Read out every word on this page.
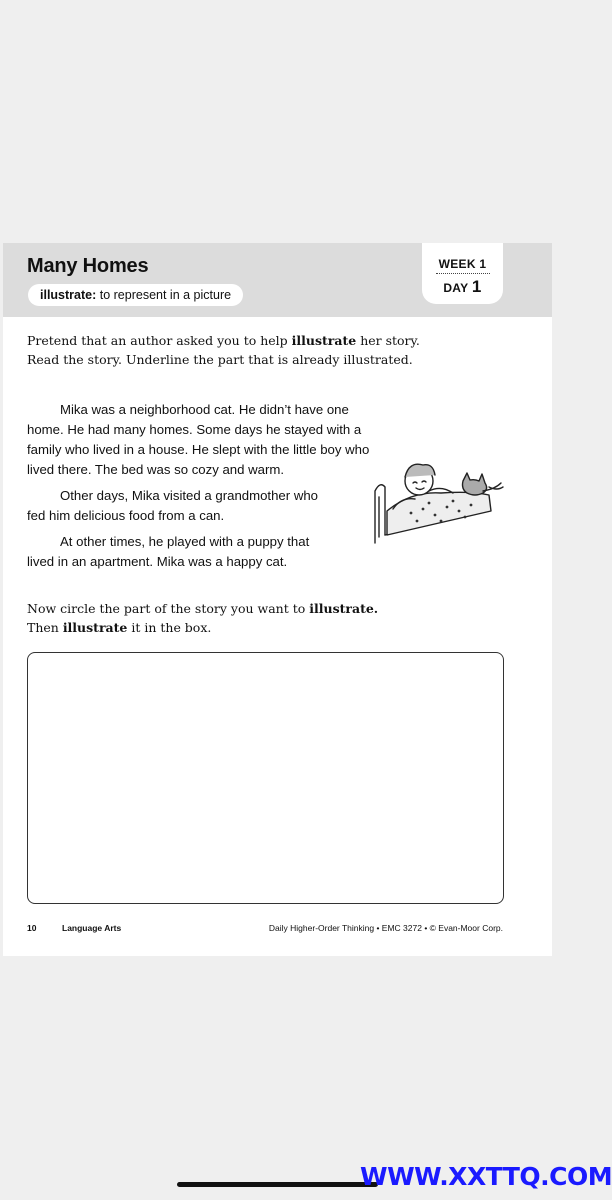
Many Homes
illustrate: to represent in a picture
WEEK 1
DAY 1
Pretend that an author asked you to help illustrate her story.
Read the story. Underline the part that is already illustrated.

Mika was a neighborhood cat. He didn’t have one home. He had many homes. Some days he stayed with a family who lived in a house. He slept with the little boy who lived there. The bed was so cozy and warm.

Other days, Mika visited a grandmother who fed him delicious food from a can.

At other times, he played with a puppy that lived in an apartment. Mika was a happy cat.

Now circle the part of the story you want to illustrate.
Then illustrate it in the box.
10	Language Arts	Daily Higher-Order Thinking • EMC 3272 • © Evan-Moor Corp.
WWW.XXTTQ.COM
